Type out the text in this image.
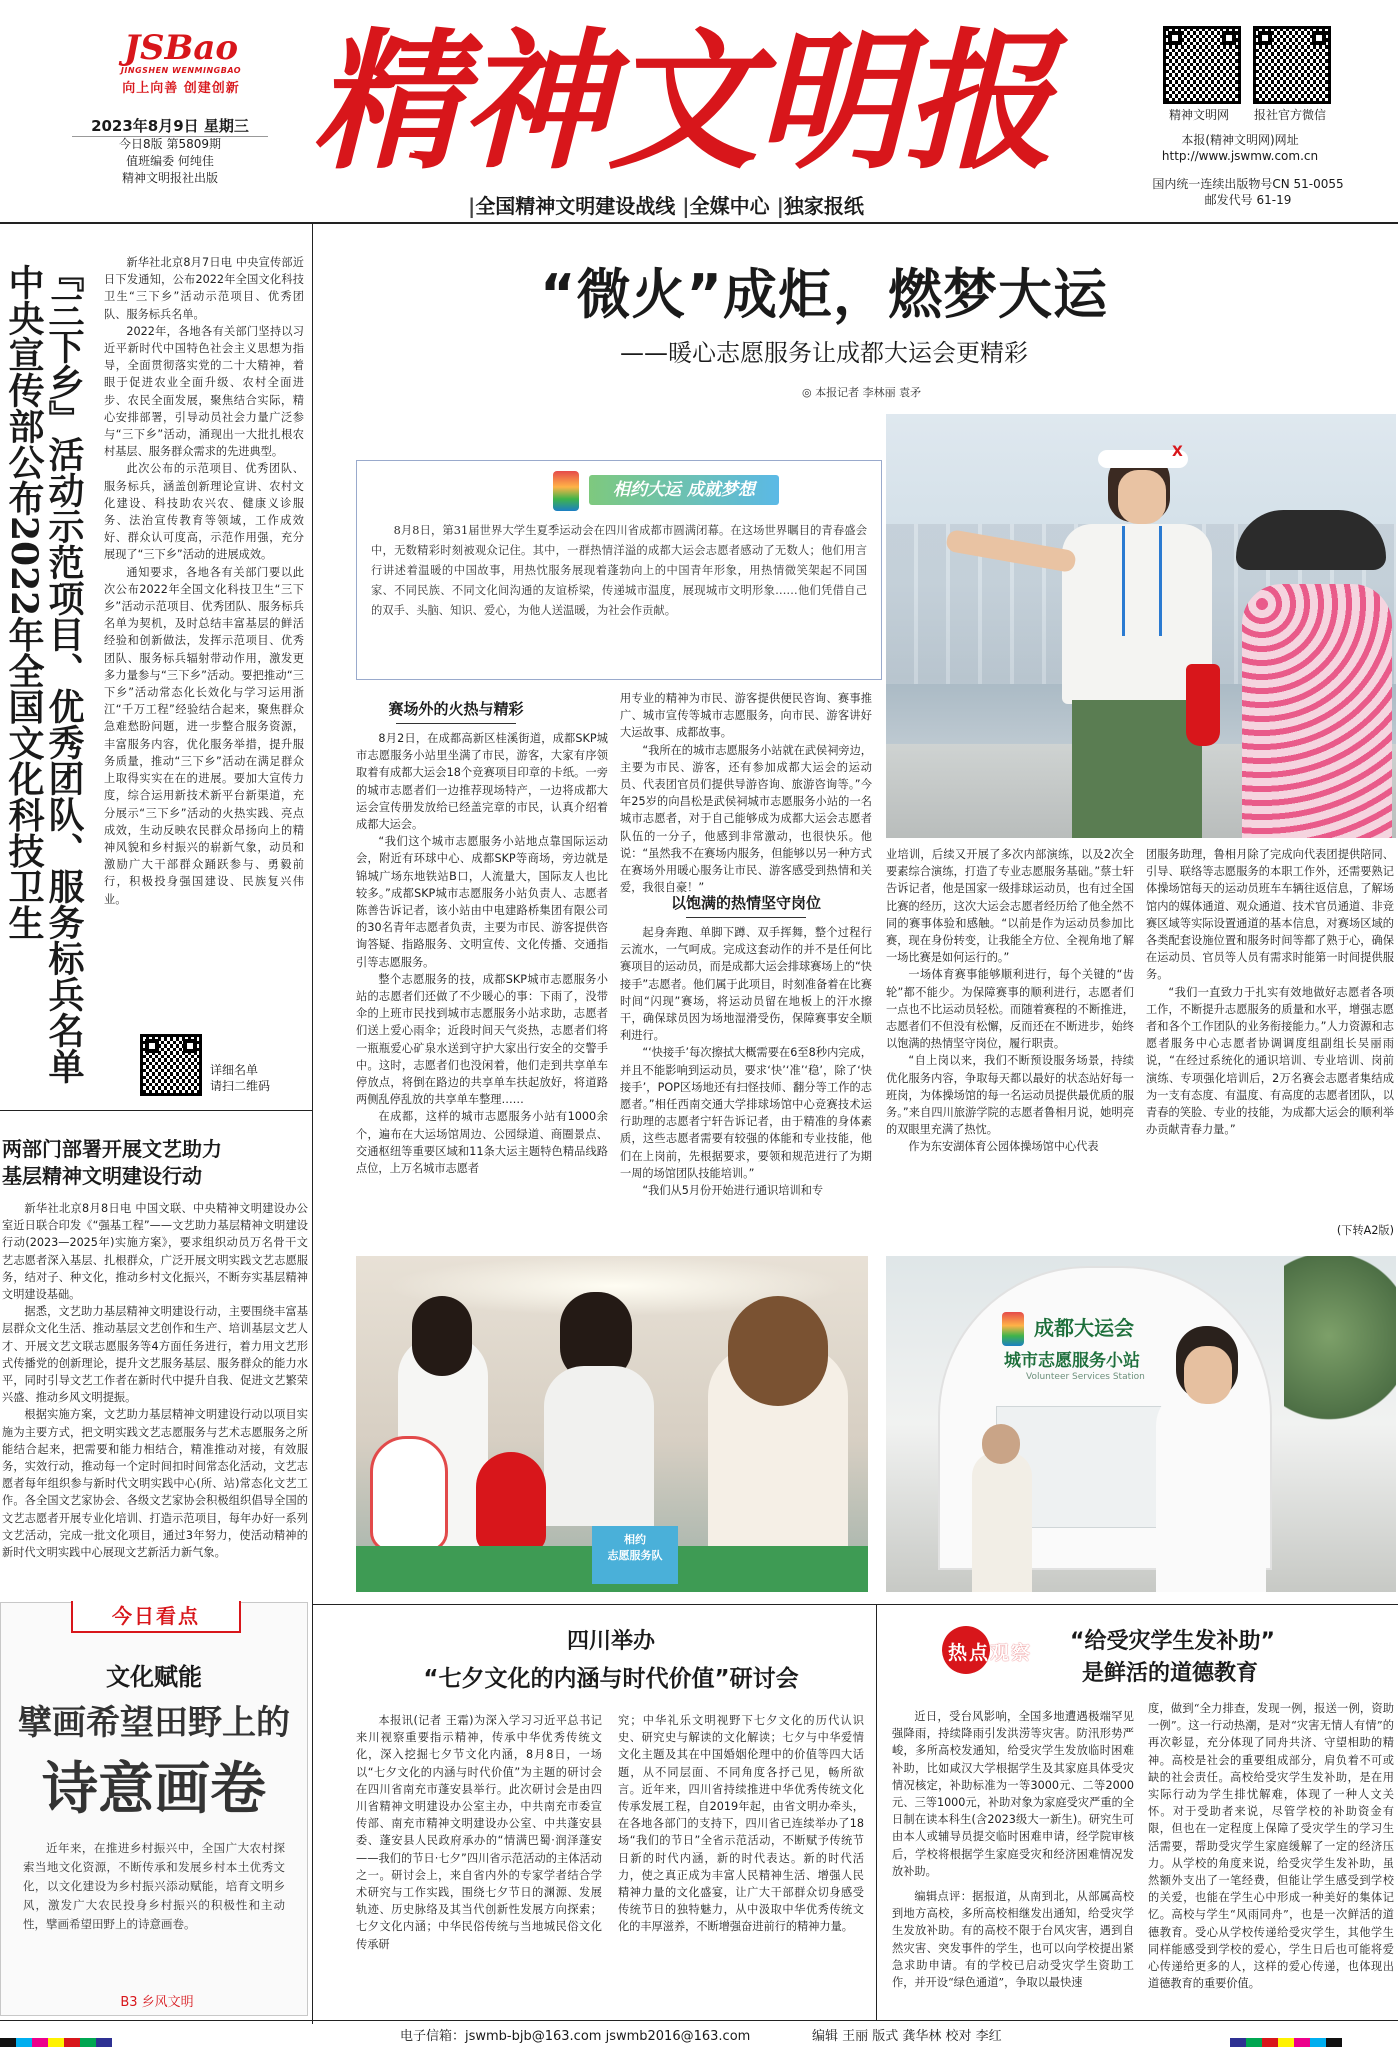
JSBao
JINGSHEN WENMINGBAO
向上向善 创建创新
2023年8月9日 星期三
今日8版 第5809期
值班编委 何纯佳
精神文明报社出版 精神文明报	精神文明网	报社官方微信
本报(精神文明网)网址
http://www.jswmw.com.cn
国内统一连续出版物号CN 51-0055
邮发代号 61-19
|全国精神文明建设战线 |全媒中心 |独家报纸
『三下乡』活动示范项目、优秀团队、服务标兵名单
中央宣传部公布2022年全国文化科技卫生

新华社北京8月7日电 中央宣传部近日下发通知，公布2022年全国文化科技卫生“三下乡”活动示范项目、优秀团队、服务标兵名单。

2022年，各地各有关部门坚持以习近平新时代中国特色社会主义思想为指导，全面贯彻落实党的二十大精神，着眼于促进农业全面升级、农村全面进步、农民全面发展，聚焦结合实际，精心安排部署，引导动员社会力量广泛参与“三下乡”活动，涌现出一大批扎根农村基层、服务群众需求的先进典型。

此次公布的示范项目、优秀团队、服务标兵，涵盖创新理论宣讲、农村文化建设、科技助农兴农、健康义诊服务、法治宣传教育等领域，工作成效好、群众认可度高，示范作用强，充分展现了“三下乡”活动的进展成效。

通知要求，各地各有关部门要以此次公布2022年全国文化科技卫生“三下乡”活动示范项目、优秀团队、服务标兵名单为契机，及时总结丰富基层的鲜活经验和创新做法，发挥示范项目、优秀团队、服务标兵辐射带动作用，激发更多力量参与“三下乡”活动。要把推动“三下乡”活动常态化长效化与学习运用浙江“千万工程”经验结合起来，聚焦群众急难愁盼问题，进一步整合服务资源，丰富服务内容，优化服务举措，提升服务质量，推动“三下乡”活动在满足群众上取得实实在在的进展。要加大宣传力度，综合运用新技术新平台新渠道，充分展示“三下乡”活动的火热实践、亮点成效，生动反映农民群众昂扬向上的精神风貌和乡村振兴的崭新气象，动员和激励广大干部群众踊跃参与、勇毅前行，积极投身强国建设、民族复兴伟业。

详细名单
请扫二维码
两部门部署开展文艺助力
基层精神文明建设行动

新华社北京8月8日电 中国文联、中央精神文明建设办公室近日联合印发《“强基工程”——文艺助力基层精神文明建设行动(2023—2025年)实施方案》，要求组织动员万名骨干文艺志愿者深入基层、扎根群众，广泛开展文明实践文艺志愿服务，结对子、种文化，推动乡村文化振兴，不断夯实基层精神文明建设基础。

据悉，文艺助力基层精神文明建设行动，主要围绕丰富基层群众文化生活、推动基层文艺创作和生产、培训基层文艺人才、开展文艺文联志愿服务等4方面任务进行，着力用文艺形式传播党的创新理论，提升文艺服务基层、服务群众的能力水平，同时引导文艺工作者在新时代中提升自我、促进文艺繁荣兴盛、推动乡风文明提振。

根据实施方案，文艺助力基层精神文明建设行动以项目实施为主要方式，把文明实践文艺志愿服务与艺术志愿服务之所能结合起来，把需要和能力相结合，精准推动对接，有效服务，实效行动，推动每一个定时间扣时间常态化活动，文艺志愿者每年组织参与新时代文明实践中心(所、站)常态化文艺工作。各全国文艺家协会、各级文艺家协会积极组织倡导全国的文艺志愿者开展专业化培训、打造示范项目，每年办好一系列文艺活动，完成一批文化项目，通过3年努力，使活动精神的新时代文明实践中心展现文艺新活力新气象。

今日看点
文化赋能
擘画希望田野上的
诗意画卷
近年来，在推进乡村振兴中，全国广大农村探索当地文化资源，不断传承和发展乡村本土优秀文化，以文化建设为乡村振兴添动赋能，培育文明乡风，激发广大农民投身乡村振兴的积极性和主动性，擘画希望田野上的诗意画卷。
B3 乡风文明
“微火”成炬，燃梦大运
——暖心志愿服务让成都大运会更精彩
◎ 本报记者 李林丽 袁矛
相约大运 成就梦想
8月8日，第31届世界大学生夏季运动会在四川省成都市圆满闭幕。在这场世界瞩目的青春盛会中，无数精彩时刻被观众记住。其中，一群热情洋溢的成都大运会志愿者感动了无数人；他们用言行讲述着温暖的中国故事，用热忱服务展现着蓬勃向上的中国青年形象，用热情微笑架起不同国家、不同民族、不同文化间沟通的友谊桥梁，传递城市温度，展现城市文明形象……他们凭借自己的双手、头脑、知识、爱心，为他人送温暖，为社会作贡献。
X
赛场外的火热与精彩

8月2日，在成都高新区桂溪街道，成都SKP城市志愿服务小站里坐满了市民，游客，大家有序领取着有成都大运会18个竞赛项目印章的卡纸。一旁的城市志愿者们一边推荐现场特产，一边将成都大运会宣传册发放给已经盖完章的市民，认真介绍着成都大运会。

“我们这个城市志愿服务小站地点靠国际运动会，附近有环球中心、成都SKP等商场，旁边就是锦城广场东地铁站B口，人流量大，国际友人也比较多。”成都SKP城市志愿服务小站负责人、志愿者陈善告诉记者，该小站由中电建路桥集团有限公司的30名青年志愿者负责，主要为市民、游客提供咨询答疑、指路服务、文明宣传、文化传播、交通指引等志愿服务。

整个志愿服务的技，成都SKP城市志愿服务小站的志愿者们还做了不少暖心的事：下雨了，没带伞的上班市民找到城市志愿服务小站求助，志愿者们送上爱心雨伞；近段时间天气炎热，志愿者们将一瓶瓶爱心矿泉水送到守护大家出行安全的交警手中。这时，志愿者们也没闲着，他们走到共享单车停放点，将倒在路边的共享单车扶起放好，将道路两侧乱停乱放的共享单车整理……

在成都，这样的城市志愿服务小站有1000余个，遍布在大运场馆周边、公园绿道、商圈景点、交通枢纽等重要区域和11条大运主题特色精品线路点位，上万名城市志愿者

用专业的精神为市民、游客提供便民咨询、赛事推广、城市宣传等城市志愿服务，向市民、游客讲好大运故事、成都故事。

“我所在的城市志愿服务小站就在武侯祠旁边，主要为市民、游客，还有参加成都大运会的运动员、代表团官员们提供导游咨询、旅游咨询等。”今年25岁的向昌松是武侯祠城市志愿服务小站的一名城市志愿者，对于自己能够成为成都大运会志愿者队伍的一分子，他感到非常激动，也很快乐。他说：“虽然我不在赛场内服务，但能够以另一种方式在赛场外用暖心服务让市民、游客感受到热情和关爱，我很自豪！”

以饱满的热情坚守岗位

起身奔跑、单脚下蹲、双手挥舞，整个过程行云流水，一气呵成。完成这套动作的并不是任何比赛项目的运动员，而是成都大运会排球赛场上的“快接手”志愿者。他们属于此项目，时刻准备着在比赛时间“闪现”赛场，将运动员留在地板上的汗水擦干，确保球员因为场地湿滑受伤，保障赛事安全顺利进行。

“‘快接手’每次擦拭大概需要在6至8秒内完成，并且不能影响到运动员，要求‘快’‘准’‘稳’，除了‘快接手’，POP区场地还有扫怪技师、翻分等工作的志愿者。”相任西南交通大学排球场馆中心竞赛技术运行助理的志愿者宁轩告诉记者，由于精准的身体素质，这些志愿者需要有较强的体能和专业技能，他们在上岗前，先根据要求，要领和规范进行了为期一周的场馆团队技能培训。”

“我们从5月份开始进行通识培训和专

业培训，后续又开展了多次内部演练，以及2次全要素综合演练，打造了专业志愿服务基础。”蔡士轩告诉记者，他是国家一级排球运动员，也有过全国比赛的经历，这次大运会志愿者经历给了他全然不同的赛事体验和感触。“以前是作为运动员参加比赛，现在身份转变，让我能全方位、全视角地了解一场比赛是如何运行的。”

一场体育赛事能够顺利进行，每个关键的“齿轮”都不能少。为保障赛事的顺利进行，志愿者们一点也不比运动员轻松。而随着赛程的不断推进，志愿者们不但没有松懈，反而还在不断进步，始终以饱满的热情坚守岗位，履行职责。

“自上岗以来，我们不断预设服务场景，持续优化服务内容，争取每天都以最好的状态站好每一班岗，为体操场馆的每一名运动员提供最优质的服务。”来自四川旅游学院的志愿者鲁相月说，她明亮的双眼里充满了热忱。

作为东安湖体育公园体操场馆中心代表

团服务助理，鲁相月除了完成向代表团提供陪同、引导、联络等志愿服务的本职工作外，还需要熟记体操场馆每天的运动员班车车辆往返信息，了解场馆内的媒体通道、观众通道、技术官员通道、非竞赛区域等实际设置通道的基本信息，对赛场区域的各类配套设施位置和服务时间等都了熟于心，确保在运动员、官员等人员有需求时能第一时间提供服务。

“我们一直致力于扎实有效地做好志愿者各项工作，不断提升志愿服务的质量和水平，增强志愿者和各个工作团队的业务衔接能力。”人力资源和志愿者服务中心志愿者协调调度组副组长吴丽雨说，“在经过系统化的通识培训、专业培训、岗前演练、专项强化培训后，2万名赛会志愿者集结成为一支有态度、有温度、有高度的志愿者团队，以青春的笑脸、专业的技能，为成都大运会的顺利举办贡献青春力量。”

(下转A2版)
相约
志愿服务队
成都大运会
城市志愿服务小站
Volunteer Services Station
四川举办
“七夕文化的内涵与时代价值”研讨会
本报讯(记者 王霜)为深入学习习近平总书记来川视察重要指示精神，传承中华优秀传统文化，深入挖掘七夕节文化内涵，8月8日，一场以“七夕文化的内涵与时代价值”为主题的研讨会在四川省南充市蓬安县举行。此次研讨会是由四川省精神文明建设办公室主办，中共南充市委宣传部、南充市精神文明建设办公室、中共蓬安县委、蓬安县人民政府承办的“情满巴蜀·润泽蓬安——我们的节日·七夕”四川省示范活动的主体活动之一。研讨会上，来自省内外的专家学者结合学术研究与工作实践，围绕七夕节日的渊源、发展轨迹、历史脉络及其当代创新性发展方向探索；七夕文化内涵；中华民俗传统与当地城民俗文化传承研
究；中华礼乐文明视野下七夕文化的历代认识史、研究史与解读的文化解读；七夕与中华爱情文化主题及其在中国婚姻伦理中的价值等四大话题，从不同层面、不同角度各抒己见，畅所欲言。近年来，四川省持续推进中华优秀传统文化传承发展工程，自2019年起，由省文明办牵头，在各地各部门的支持下，四川省已连续举办了18场“我们的节日”全省示范活动，不断赋予传统节日新的时代内涵，新的时代表达。新的时代活力，使之真正成为丰富人民精神生活、增强人民精神力量的文化盛宴，让广大干部群众切身感受传统节日的独特魅力，从中汲取中华优秀传统文化的丰厚滋养，不断增强奋进前行的精神力量。
热点观察	“给受灾学生发补助”
是鲜活的道德教育

近日，受台风影响，全国多地遭遇极端罕见强降雨，持续降雨引发洪涝等灾害。防汛形势严峻，多所高校发通知，给受灾学生发放临时困难补助，比如咸汉大学根据学生及其家庭具体受灾情况核定，补助标准为一等3000元、二等2000元、三等1000元，补助对象为家庭受灾严重的全日制在读本科生(含2023级大一新生)。研究生可由本人或辅导员提交临时困难申请，经学院审核后，学校将根据学生家庭受灾和经济困难情况发放补助。

编辑点评：据报道，从南到北，从部属高校到地方高校，多所高校相继发出通知，给受灾学生发放补助。有的高校不限于台风灾害，遇到自然灾害、突发事件的学生，也可以向学校提出紧急求助申请。有的学校已启动受灾学生资助工作，并开设“绿色通道”，争取以最快速

度，做到“全力排查，发现一例，报送一例，资助一例”。这一行动热潮，是对“灾害无情人有情”的再次彰显，充分体现了同舟共济、守望相助的精神。高校是社会的重要组成部分，肩负着不可或缺的社会责任。高校给受灾学生发补助，是在用实际行动为学生排忧解难，体现了一种人文关怀。对于受助者来说，尽管学校的补助资金有限，但也在一定程度上保障了受灾学生的学习生活需要，帮助受灾学生家庭缓解了一定的经济压力。从学校的角度来说，给受灾学生发补助，虽然额外支出了一笔经费，但能让学生感受到学校的关爱，也能在学生心中形成一种美好的集体记忆。高校与学生“风雨同舟”，也是一次鲜活的道德教育。受心从学校传递给受灾学生，其他学生同样能感受到学校的爱心，学生日后也可能将爱心传递给更多的人，这样的爱心传递，也体现出道德教育的重要价值。
电子信箱：jswmb-bjb@163.com jswmb2016@163.com	编辑 王丽 版式 龚华林 校对 李红
